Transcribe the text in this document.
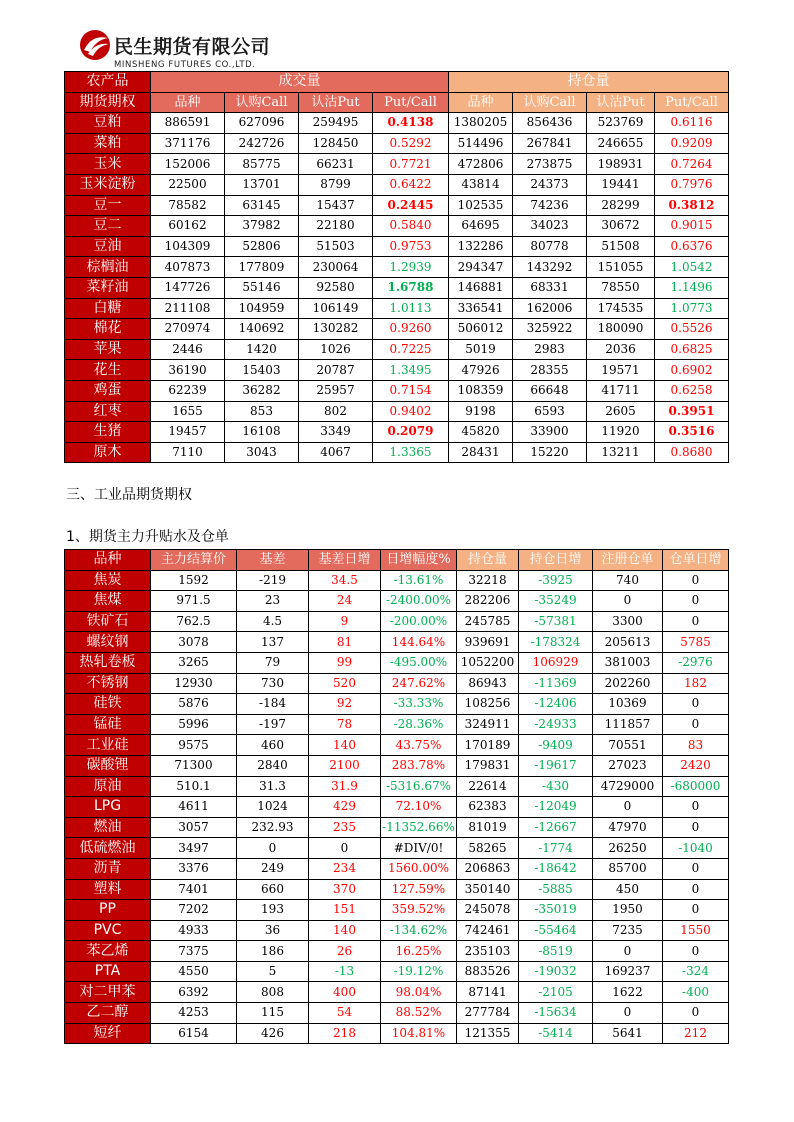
民生期货有限公司
MINSHENG FUTURES CO.,LTD.
农产品	成交量				持仓量			
期货期权	品种	认购Call	认沽Put	Put/Call	品种	认购Call	认沽Put	Put/Call
豆粕	886591	627096	259495	0.4138	1380205	856436	523769	0.6116
菜粕	371176	242726	128450	0.5292	514496	267841	246655	0.9209
玉米	152006	85775	66231	0.7721	472806	273875	198931	0.7264
玉米淀粉	22500	13701	8799	0.6422	43814	24373	19441	0.7976
豆一	78582	63145	15437	0.2445	102535	74236	28299	0.3812
豆二	60162	37982	22180	0.5840	64695	34023	30672	0.9015
豆油	104309	52806	51503	0.9753	132286	80778	51508	0.6376
棕榈油	407873	177809	230064	1.2939	294347	143292	151055	1.0542
菜籽油	147726	55146	92580	1.6788	146881	68331	78550	1.1496
白糖	211108	104959	106149	1.0113	336541	162006	174535	1.0773
棉花	270974	140692	130282	0.9260	506012	325922	180090	0.5526
苹果	2446	1420	1026	0.7225	5019	2983	2036	0.6825
花生	36190	15403	20787	1.3495	47926	28355	19571	0.6902
鸡蛋	62239	36282	25957	0.7154	108359	66648	41711	0.6258
红枣	1655	853	802	0.9402	9198	6593	2605	0.3951
生猪	19457	16108	3349	0.2079	45820	33900	11920	0.3516
原木	7110	3043	4067	1.3365	28431	15220	13211	0.8680
三、工业品期货期权
1、期货主力升贴水及仓单
品种	主力结算价	基差	基差日增	日增幅度%	持仓量	持仓日增	注册仓单	仓单日增
焦炭	1592	-219	34.5	-13.61%	32218	-3925	740	0
焦煤	971.5	23	24	-2400.00%	282206	-35249	0	0
铁矿石	762.5	4.5	9	-200.00%	245785	-57381	3300	0
螺纹钢	3078	137	81	144.64%	939691	-178324	205613	5785
热轧卷板	3265	79	99	-495.00%	1052200	106929	381003	-2976
不锈钢	12930	730	520	247.62%	86943	-11369	202260	182
硅铁	5876	-184	92	-33.33%	108256	-12406	10369	0
锰硅	5996	-197	78	-28.36%	324911	-24933	111857	0
工业硅	9575	460	140	43.75%	170189	-9409	70551	83
碳酸锂	71300	2840	2100	283.78%	179831	-19617	27023	2420
原油	510.1	31.3	31.9	-5316.67%	22614	-430	4729000	-680000
LPG	4611	1024	429	72.10%	62383	-12049	0	0
燃油	3057	232.93	235	-11352.66%	81019	-12667	47970	0
低硫燃油	3497	0	0	#DIV/0!	58265	-1774	26250	-1040
沥青	3376	249	234	1560.00%	206863	-18642	85700	0
塑料	7401	660	370	127.59%	350140	-5885	450	0
PP	7202	193	151	359.52%	245078	-35019	1950	0
PVC	4933	36	140	-134.62%	742461	-55464	7235	1550
苯乙烯	7375	186	26	16.25%	235103	-8519	0	0
PTA	4550	5	-13	-19.12%	883526	-19032	169237	-324
对二甲苯	6392	808	400	98.04%	87141	-2105	1622	-400
乙二醇	4253	115	54	88.52%	277784	-15634	0	0
短纤	6154	426	218	104.81%	121355	-5414	5641	212
